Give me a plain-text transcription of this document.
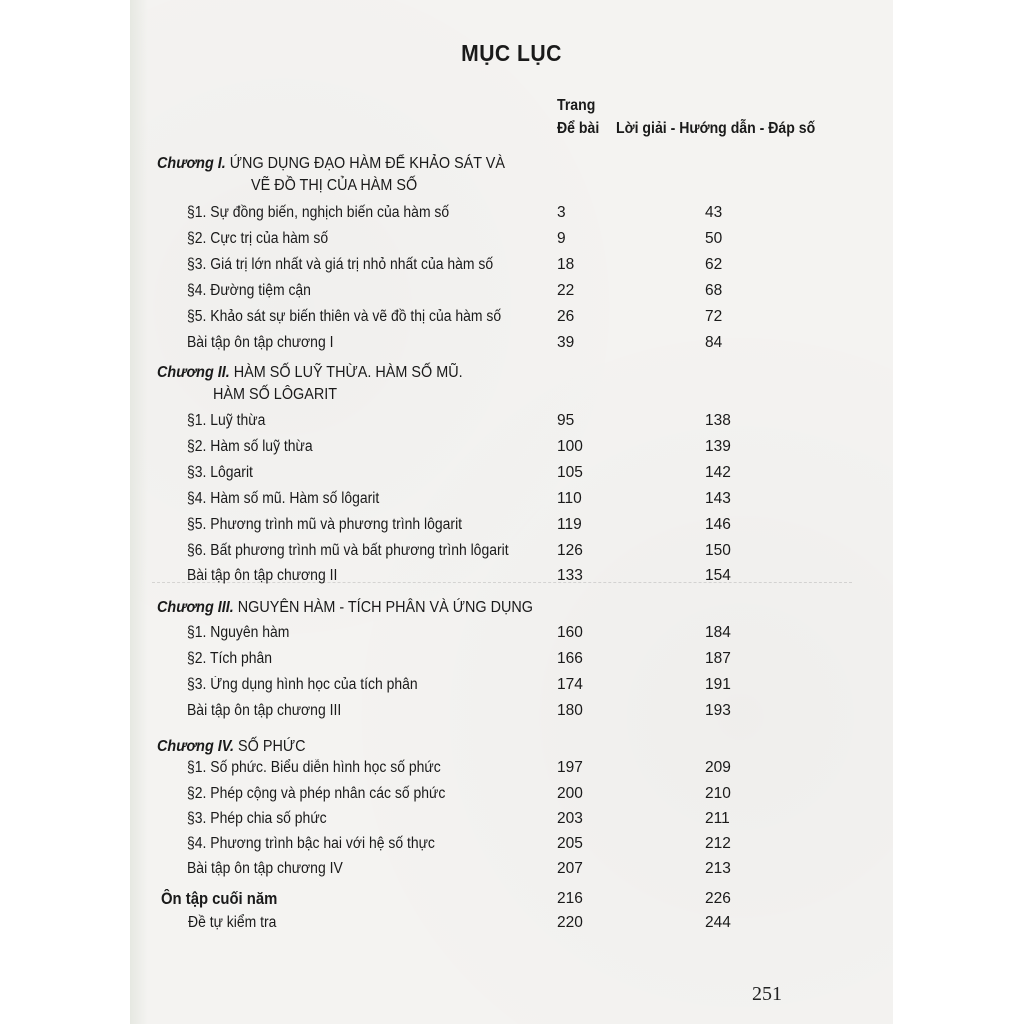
MỤC LỤC
Trang
Để bài Lời giải - Hướng dẫn - Đáp số
Chương I. ỨNG DỤNG ĐẠO HÀM ĐỂ KHẢO SÁT VÀ
VẼ ĐỒ THỊ CỦA HÀM SỐ
§1. Sự đồng biến, nghịch biến của hàm số	3	43
§2. Cực trị của hàm số	9	50
§3. Giá trị lớn nhất và giá trị nhỏ nhất của hàm số	18	62
§4. Đường tiệm cận	22	68
§5. Khảo sát sự biến thiên và vẽ đồ thị của hàm số	26	72
Bài tập ôn tập chương I	39	84
Chương II. HÀM SỐ LUỸ THỪA. HÀM SỐ MŨ.
HÀM SỐ LÔGARIT
§1. Luỹ thừa	95	138
§2. Hàm số luỹ thừa	100	139
§3. Lôgarit	105	142
§4. Hàm số mũ. Hàm số lôgarit	110	143
§5. Phương trình mũ và phương trình lôgarit	119	146
§6. Bất phương trình mũ và bất phương trình lôgarit	126	150
Bài tập ôn tập chương II	133	154
Chương III. NGUYÊN HÀM - TÍCH PHÂN VÀ ỨNG DỤNG
§1. Nguyên hàm	160	184
§2. Tích phân	166	187
§3. Ứng dụng hình học của tích phân	174	191
Bài tập ôn tập chương III	180	193
Chương IV. SỐ PHỨC
§1. Số phức. Biểu diễn hình học số phức	197	209
§2. Phép cộng và phép nhân các số phức	200	210
§3. Phép chia số phức	203	211
§4. Phương trình bậc hai với hệ số thực	205	212
Bài tập ôn tập chương IV	207	213
Ôn tập cuối năm	216	226
Đề tự kiểm tra	220	244
251
